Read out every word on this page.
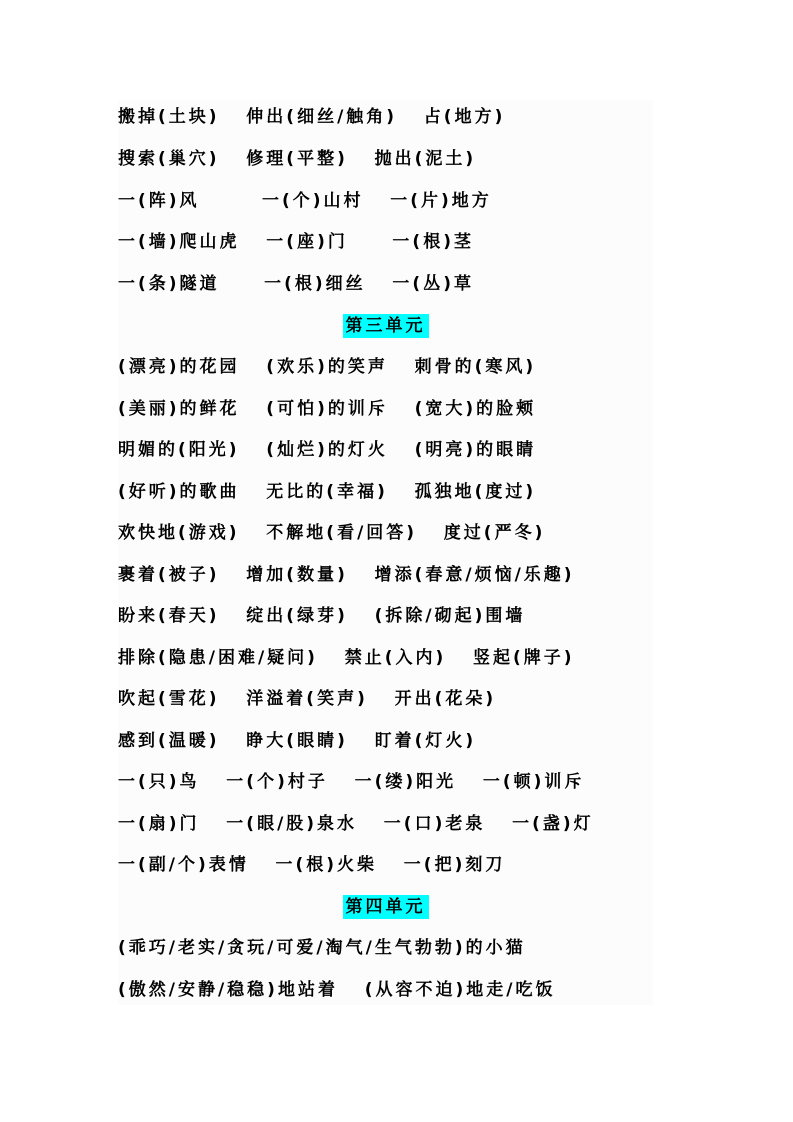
搬掉(土块)   伸出(细丝/触角)   占(地方)
搜索(巢穴)   修理(平整)   抛出(泥土)
一(阵)风       一(个)山村   一(片)地方
一(墙)爬山虎   一(座)门     一(根)茎
一(条)隧道     一(根)细丝   一(丛)草
第三单元
(漂亮)的花园   (欢乐)的笑声   刺骨的(寒风)
(美丽)的鲜花   (可怕)的训斥   (宽大)的脸颊
明媚的(阳光)   (灿烂)的灯火   (明亮)的眼睛
(好听)的歌曲   无比的(幸福)   孤独地(度过)
欢快地(游戏)   不解地(看/回答)   度过(严冬)
裹着(被子)   增加(数量)   增添(春意/烦恼/乐趣)
盼来(春天)   绽出(绿芽)   (拆除/砌起)围墙
排除(隐患/困难/疑问)   禁止(入内)   竖起(牌子)
吹起(雪花)   洋溢着(笑声)   开出(花朵)
感到(温暖)   睁大(眼睛)   盯着(灯火)
一(只)鸟   一(个)村子   一(缕)阳光   一(顿)训斥
一(扇)门   一(眼/股)泉水   一(口)老泉   一(盏)灯
一(副/个)表情   一(根)火柴   一(把)刻刀
第四单元
(乖巧/老实/贪玩/可爱/淘气/生气勃勃)的小猫
(傲然/安静/稳稳)地站着   (从容不迫)地走/吃饭
